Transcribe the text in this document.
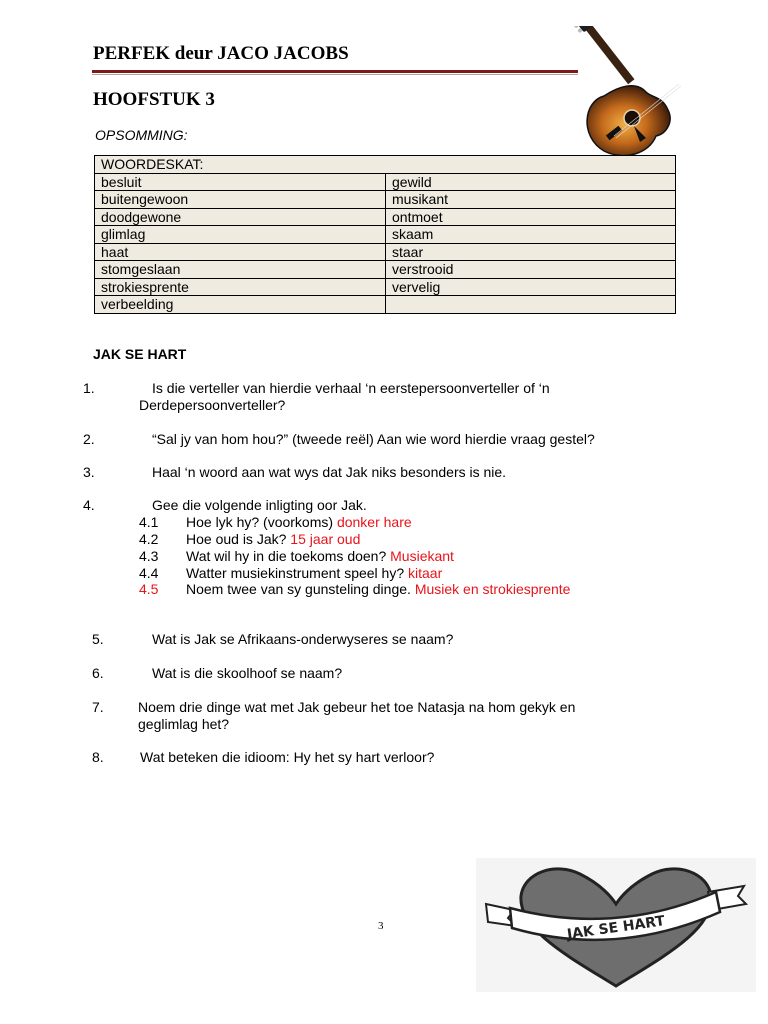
PERFEK deur JACO JACOBS
HOOFSTUK 3
OPSOMMING:
WOORDESKAT:	
besluit	gewild
buitengewoon	musikant
doodgewone	ontmoet
glimlag	skaam
haat	staar
stomgeslaan	verstrooid
strokiesprente	vervelig
verbeelding	
JAK SE HART
1.	Is die verteller van hierdie verhaal ‘n eerstepersoonverteller of ‘n
Derdepersoonverteller?
2.	“Sal jy van hom hou?” (tweede reël) Aan wie word hierdie vraag gestel?
3.	Haal ‘n woord aan wat wys dat Jak niks besonders is nie.
4.	Gee die volgende inligting oor Jak.
4.1 Hoe lyk hy? (voorkoms) donker hare
4.2 Hoe oud is Jak? 15 jaar oud
4.3 Wat wil hy in die toekoms doen? Musiekant
4.4 Watter musiekinstrument speel hy? kitaar
4.5 Noem twee van sy gunsteling dinge. Musiek en strokiesprente
5.	Wat is Jak se Afrikaans-onderwyseres se naam?
6.	Wat is die skoolhoof se naam?
7. Noem drie dinge wat met Jak gebeur het toe Natasja na hom gekyk en
geglimlag het?
8.	Wat beteken die idioom: Hy het sy hart verloor?
3	JAK SE HART
